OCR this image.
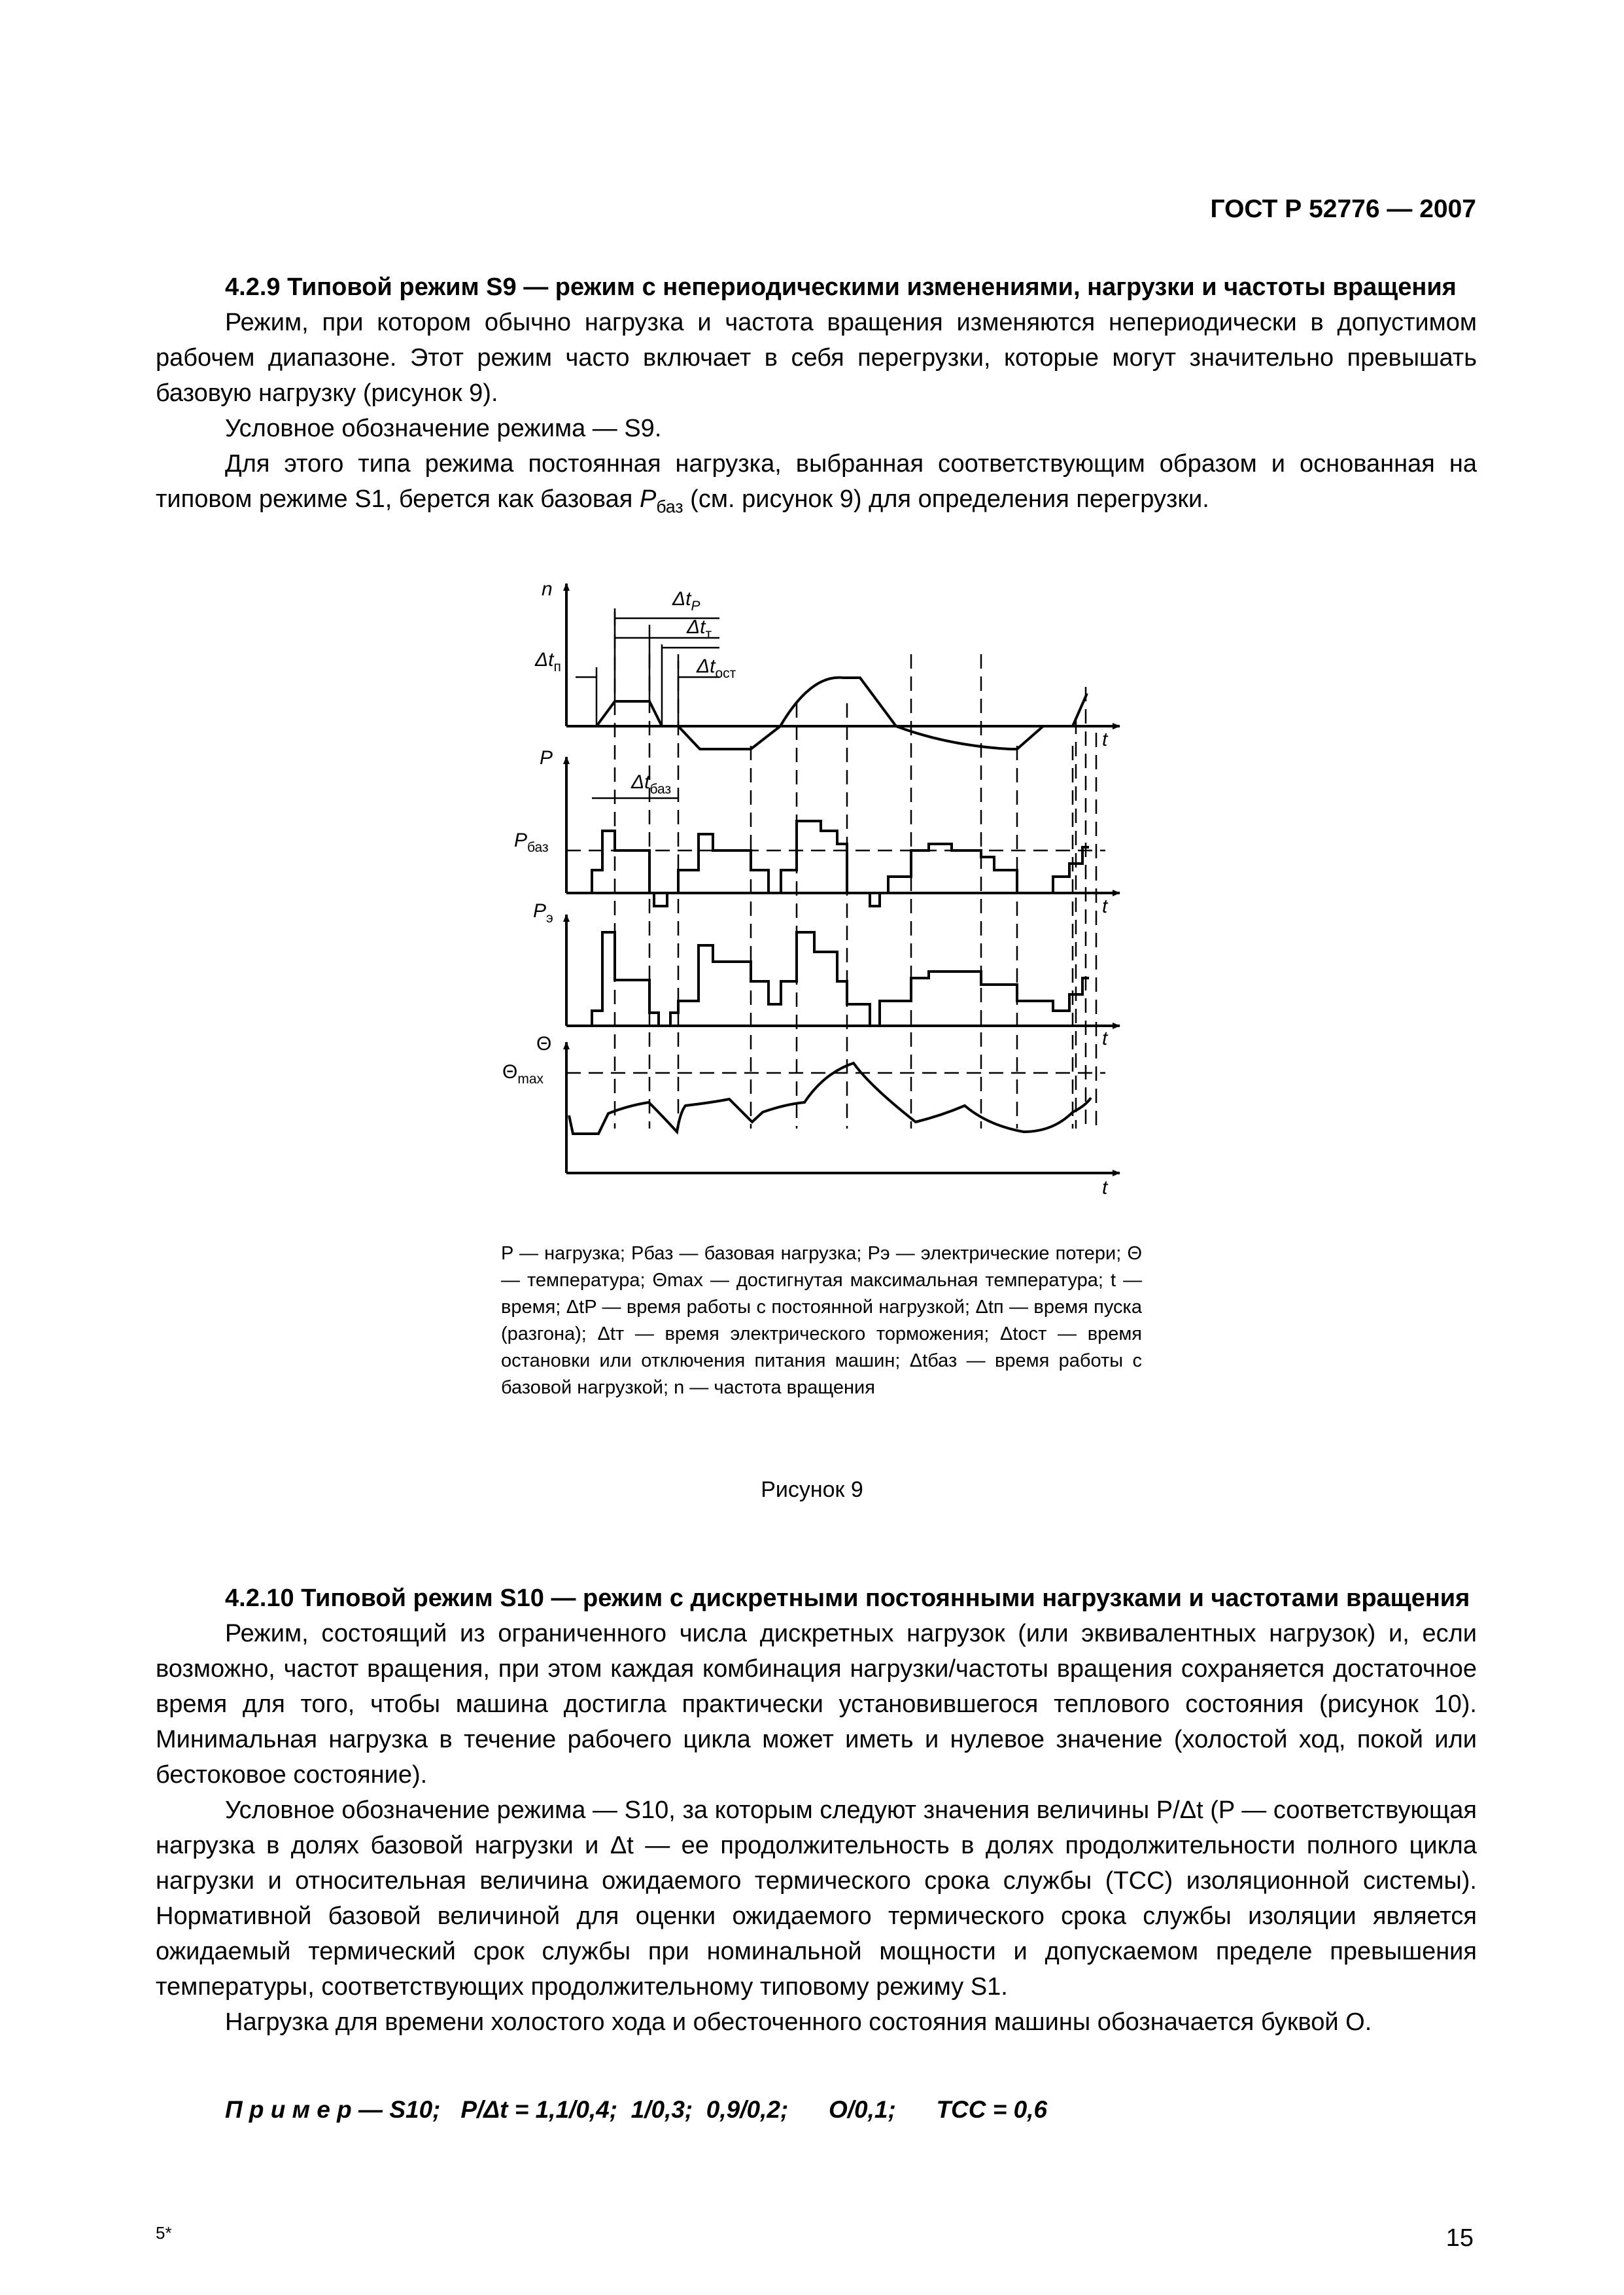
ГОСТ Р 52776 — 2007

4.2.9 Типовой режим S9 — режим с непериодическими изменениями, нагрузки и частоты вращения

Режим, при котором обычно нагрузка и частота вращения изменяются непериодически в допустимом рабочем диапазоне. Этот режим часто включает в себя перегрузки, которые могут значительно превышать базовую нагрузку (рисунок 9).

Условное обозначение режима — S9.

Для этого типа режима постоянная нагрузка, выбранная соответствующим образом и основанная на типовом режиме S1, берется как базовая $P_{баз}$ (см. рисунок 9) для определения перегрузки.

n
t
P
$P_{баз}$
t
$P_э$
t
Θ
$\Theta_{max}$
t
$\Delta t_P$
$\Delta t_т$
$\Delta t_п$	$\Delta t_{ост}$
$\Delta t_{баз}$
P — нагрузка; Pбаз — базовая нагрузка; Pэ — электрические потери; Θ — температура; Θmax — достигнутая максимальная температура; t — время; ΔtP — время работы с постоянной нагрузкой; Δtп — время пуска (разгона); Δtт — время электрического торможения; Δtост — время остановки или отключения питания машин; Δtбаз — время работы с базовой нагрузкой; n — частота вращения
Рисунок 9

4.2.10 Типовой режим S10 — режим с дискретными постоянными нагрузками и частотами вращения

Режим, состоящий из ограниченного числа дискретных нагрузок (или эквивалентных нагрузок) и, если возможно, частот вращения, при этом каждая комбинация нагрузки/частоты вращения сохраняется достаточное время для того, чтобы машина достигла практически установившегося теплового состояния (рисунок 10). Минимальная нагрузка в течение рабочего цикла может иметь и нулевое значение (холостой ход, покой или бестоковое состояние).

Условное обозначение режима — S10, за которым следуют значения величины P/Δt (P — соответствующая нагрузка в долях базовой нагрузки и Δt — ее продолжительность в долях продолжительности полного цикла нагрузки и относительная величина ожидаемого термического срока службы (ТСС) изоляционной системы). Нормативной базовой величиной для оценки ожидаемого термического срока службы изоляции является ожидаемый термический срок службы при номинальной мощности и допускаемом пределе превышения температуры, соответствующих продолжительному типовому режиму S1.

Нагрузка для времени холостого хода и обесточенного состояния машины обозначается буквой О.

П р и м е р — S10;   P/Δt = 1,1/0,4;  1/0,3;  0,9/0,2;      O/0,1;      TCC = 0,6
5*	15
